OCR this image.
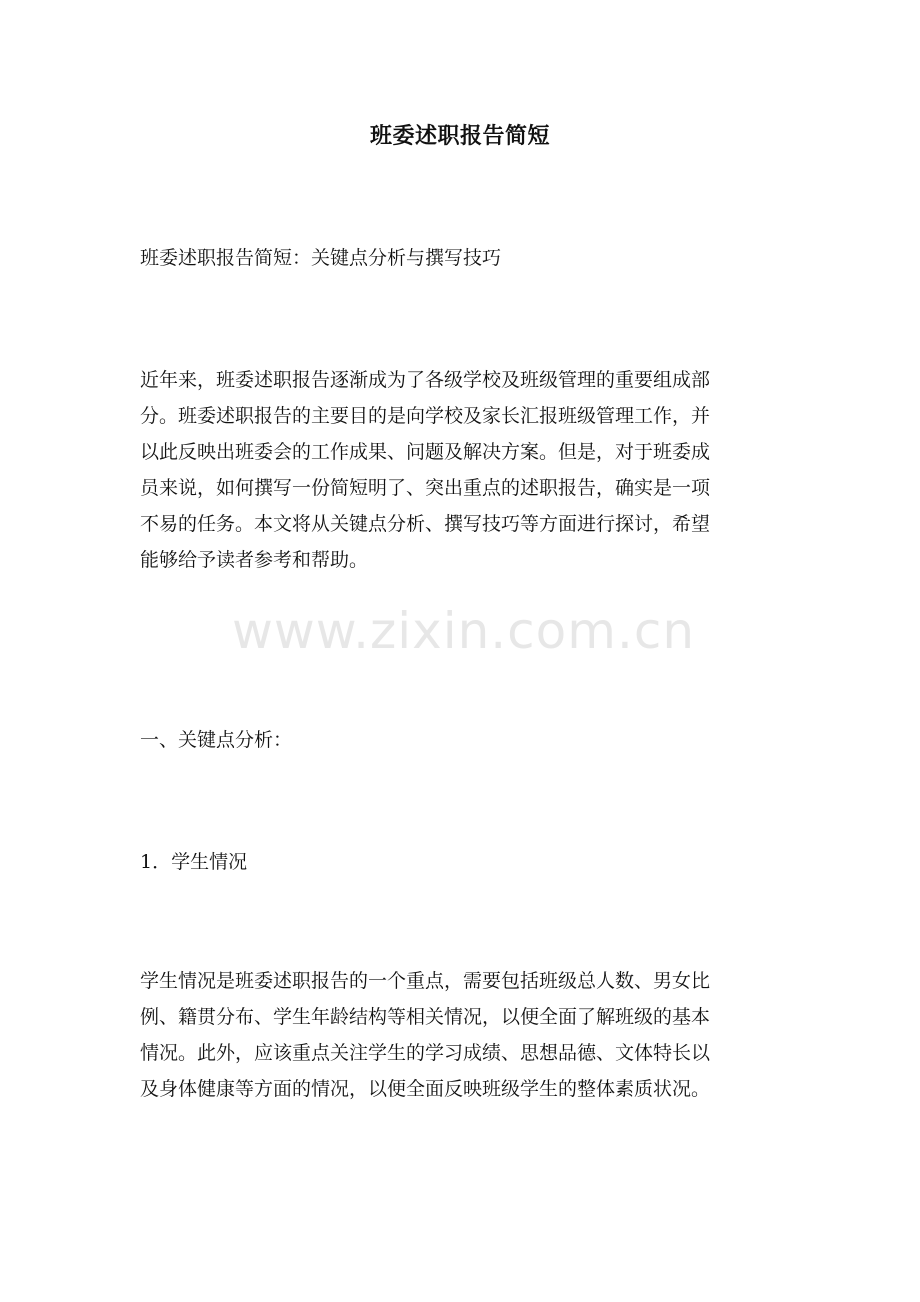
班委述职报告简短

班委述职报告简短：关键点分析与撰写技巧

近年来，班委述职报告逐渐成为了各级学校及班级管理的重要组成部
分。班委述职报告的主要目的是向学校及家长汇报班级管理工作，并
以此反映出班委会的工作成果、问题及解决方案。但是，对于班委成
员来说，如何撰写一份简短明了、突出重点的述职报告，确实是一项
不易的任务。本文将从关键点分析、撰写技巧等方面进行探讨，希望
能够给予读者参考和帮助。

一、关键点分析：

1．学生情况

学生情况是班委述职报告的一个重点，需要包括班级总人数、男女比
例、籍贯分布、学生年龄结构等相关情况，以便全面了解班级的基本
情况。此外，应该重点关注学生的学习成绩、思想品德、文体特长以
及身体健康等方面的情况，以便全面反映班级学生的整体素质状况。
www.zixin.com.cn
